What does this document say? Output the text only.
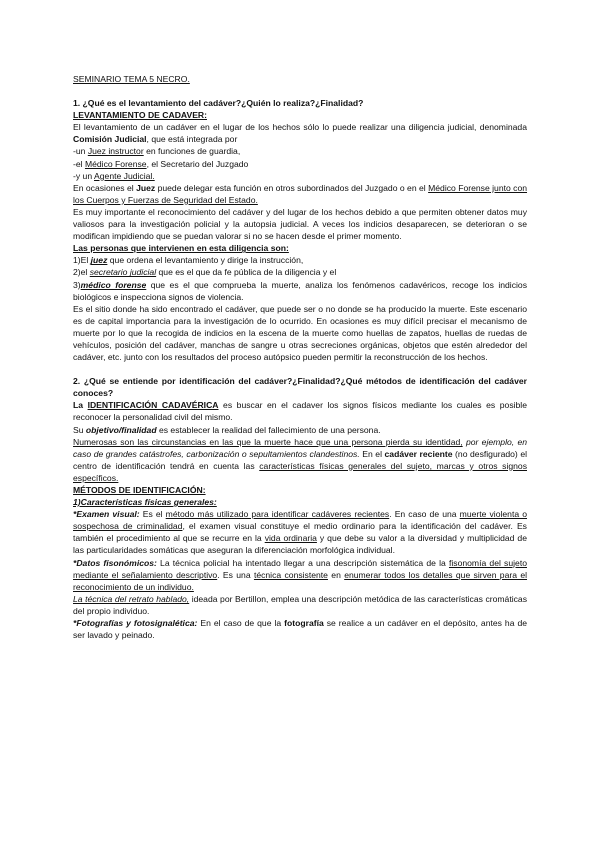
SEMINARIO TEMA 5 NECRO.

1. ¿Qué es el levantamiento del cadáver?¿Quién lo realiza?¿Finalidad?

LEVANTAMIENTO DE CADAVER:

El levantamiento de un cadáver en el lugar de los hechos sólo lo puede realizar una diligencia judicial, denominada Comisión Judicial, que está integrada por

-un Juez instructor en funciones de guardia,

-el Médico Forense, el Secretario del Juzgado

-y un Agente Judicial.

En ocasiones el Juez puede delegar esta función en otros subordinados del Juzgado o en el Médico Forense junto con los Cuerpos y Fuerzas de Seguridad del Estado.

Es muy importante el reconocimiento del cadáver y del lugar de los hechos debido a que permiten obtener datos muy valiosos para la investigación policial y la autopsia judicial. A veces los indicios desaparecen, se deterioran o se modifican impidiendo que se puedan valorar si no se hacen desde el primer momento.

Las personas que intervienen en esta diligencia son:

1)El juez que ordena el levantamiento y dirige la instrucción,

2)el secretario judicial que es el que da fe pública de la diligencia y el

3)médico forense que es el que comprueba la muerte, analiza los fenómenos cadavéricos, recoge los indicios biológicos e inspecciona signos de violencia.

Es el sitio donde ha sido encontrado el cadáver, que puede ser o no donde se ha producido la muerte. Este escenario es de capital importancia para la investigación de lo ocurrido. En ocasiones es muy difícil precisar el mecanismo de muerte por lo que la recogida de indicios en la escena de la muerte como huellas de zapatos, huellas de ruedas de vehículos, posición del cadáver, manchas de sangre u otras secreciones orgánicas, objetos que estén alrededor del cadáver, etc. junto con los resultados del proceso autópsico pueden permitir la reconstrucción de los hechos.

2. ¿Qué se entiende por identificación del cadáver?¿Finalidad?¿Qué métodos de identificación del cadáver conoces?

La IDENTIFICACIÓN CADAVÉRICA es buscar en el cadaver los signos físicos mediante los cuales es posible reconocer la personalidad civil del mismo.

Su objetivo/finalidad es establecer la realidad del fallecimiento de una persona.

Numerosas son las circunstancias en las que la muerte hace que una persona pierda su identidad, por ejemplo, en caso de grandes catástrofes, carbonización o sepultamientos clandestinos. En el cadáver reciente (no desfigurado) el centro de identificación tendrá en cuenta las características físicas generales del sujeto, marcas y otros signos específicos.

MÉTODOS DE IDENTIFICACIÓN:

1)Características físicas generales:

*Examen visual: Es el método más utilizado para identificar cadáveres recientes. En caso de una muerte violenta o sospechosa de criminalidad, el examen visual constituye el medio ordinario para la identificación del cadáver. Es también el procedimiento al que se recurre en la vida ordinaria y que debe su valor a la diversidad y multiplicidad de las particularidades somáticas que aseguran la diferenciación morfológica individual.

*Datos fisonómicos: La técnica policial ha intentado llegar a una descripción sistemática de la fisonomía del sujeto mediante el señalamiento descriptivo. Es una técnica consistente en enumerar todos los detalles que sirven para el reconocimiento de un individuo.

La técnica del retrato hablado, ideada por Bertillon, emplea una descripción metódica de las características cromáticas del propio individuo.

*Fotografías y fotosignalética: En el caso de que la fotografía se realice a un cadáver en el depósito, antes ha de ser lavado y peinado.
